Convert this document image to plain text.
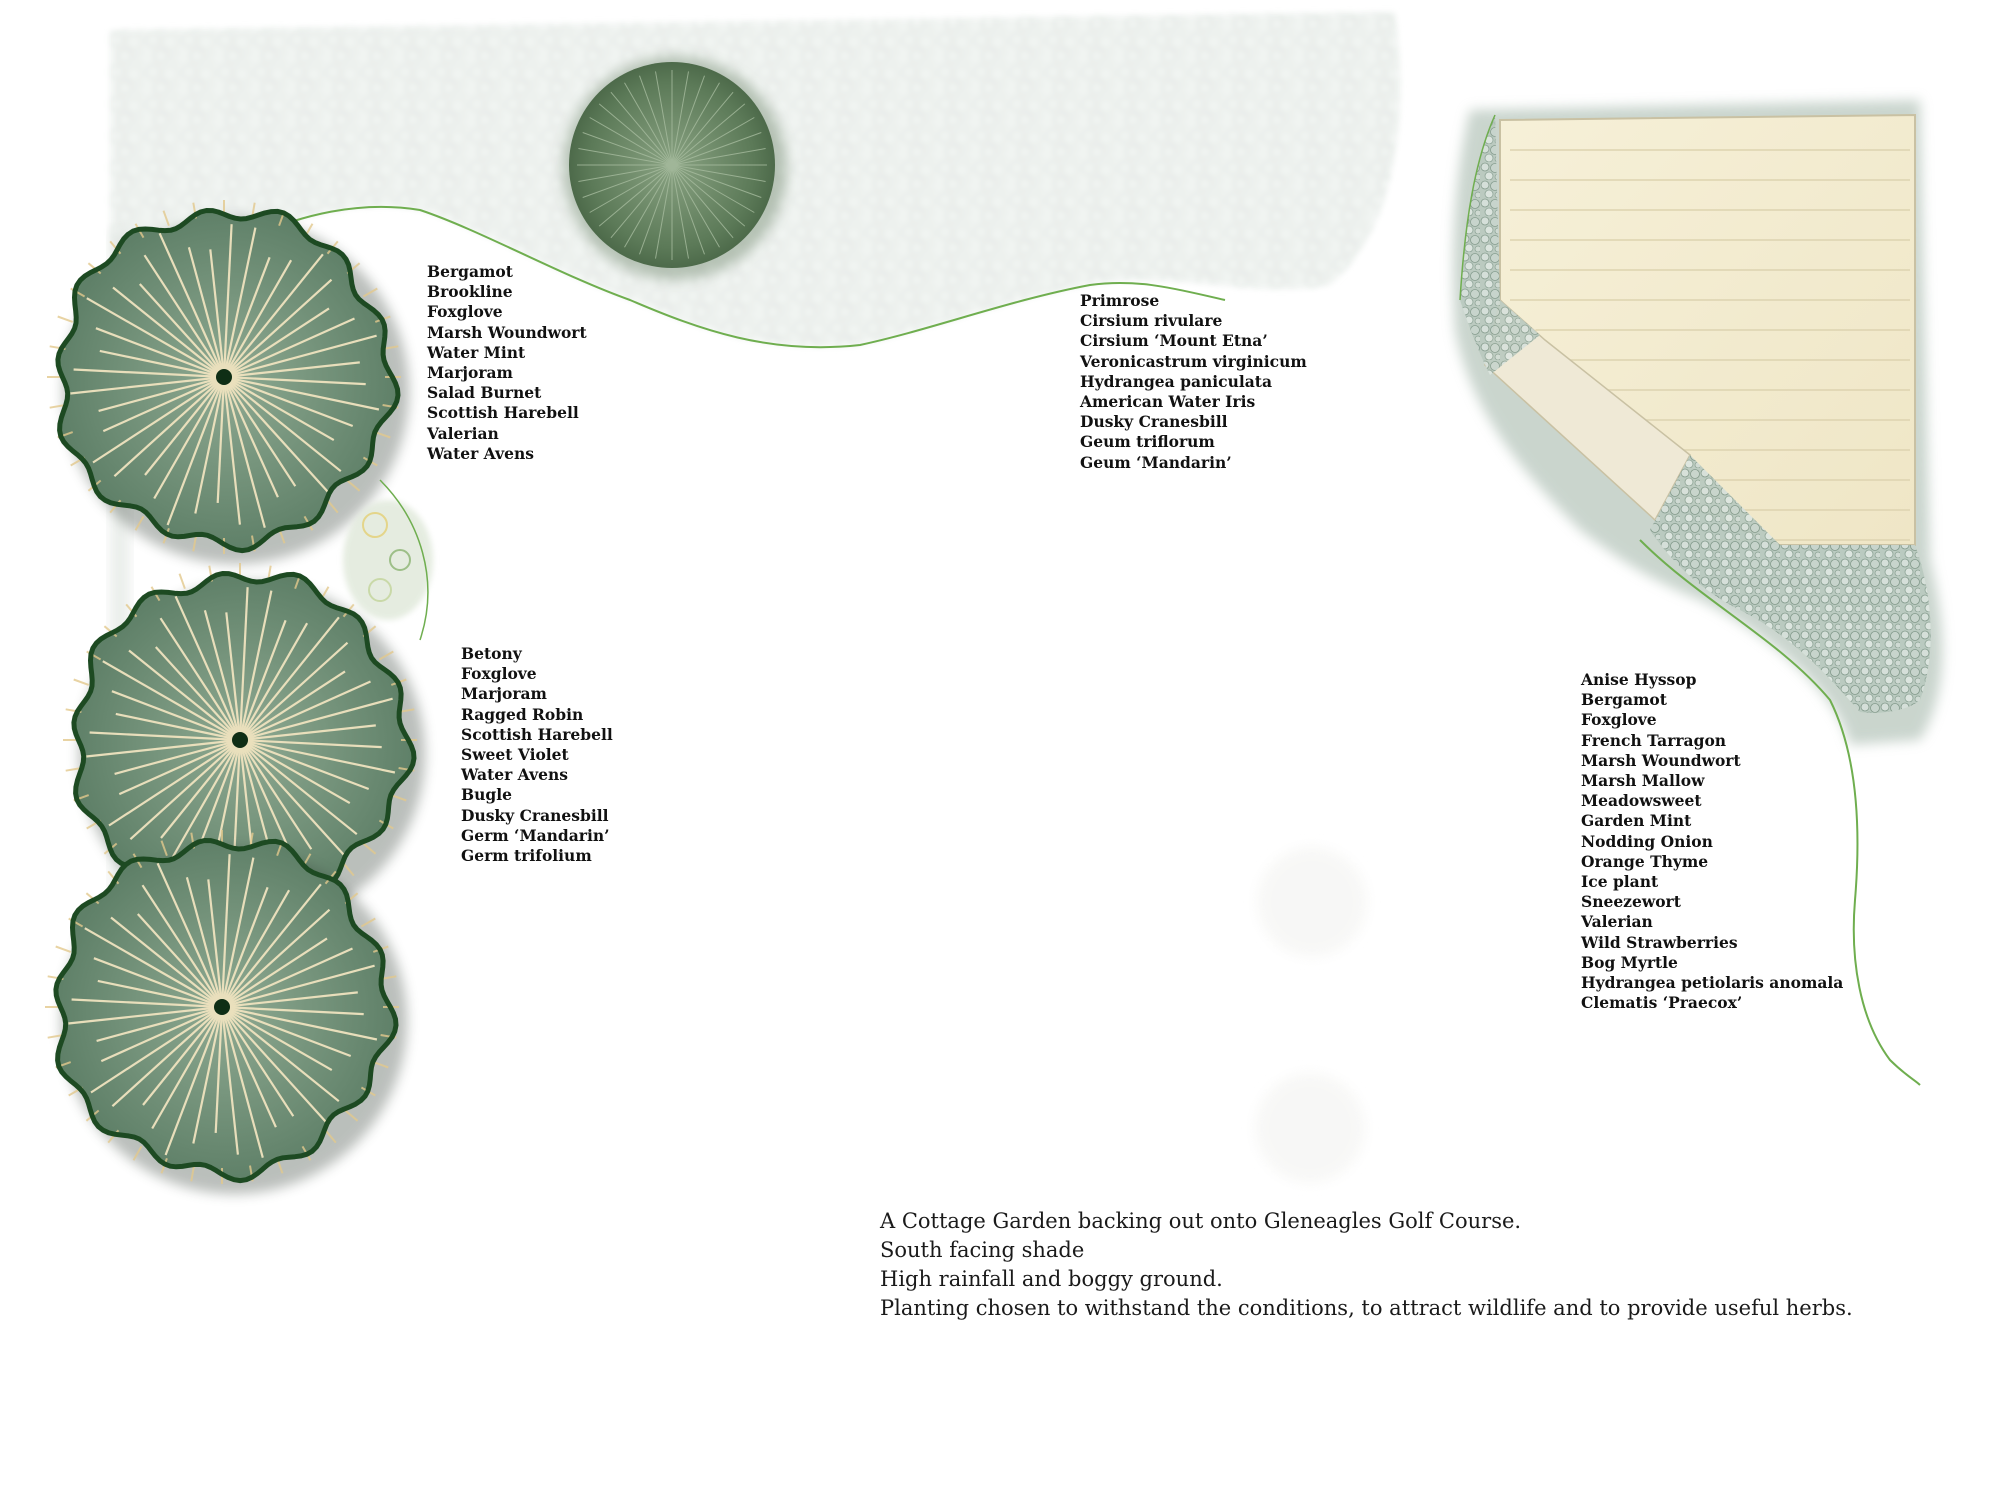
Bergamot
Brookline
Foxglove
Marsh Woundwort
Water Mint
Marjoram
Salad Burnet
Scottish Harebell
Valerian
Water Avens
Betony
Foxglove
Marjoram
Ragged Robin
Scottish Harebell
Sweet Violet
Water Avens
Bugle
Dusky Cranesbill
Germ ‘Mandarin’
Germ trifolium
Primrose
Cirsium rivulare
Cirsium ‘Mount Etna’
Veronicastrum virginicum
Hydrangea paniculata
American Water Iris
Dusky Cranesbill
Geum triflorum
Geum ‘Mandarin’
Anise Hyssop
Bergamot
Foxglove
French Tarragon
Marsh Woundwort
Marsh Mallow
Meadowsweet
Garden Mint
Nodding Onion
Orange Thyme
Ice plant
Sneezewort
Valerian
Wild Strawberries
Bog Myrtle
Hydrangea petiolaris anomala
Clematis ‘Praecox’
A Cottage Garden backing out onto Gleneagles Golf Course.
South facing shade
High rainfall and boggy ground.
Planting chosen to withstand the conditions, to attract wildlife and to provide useful herbs.
